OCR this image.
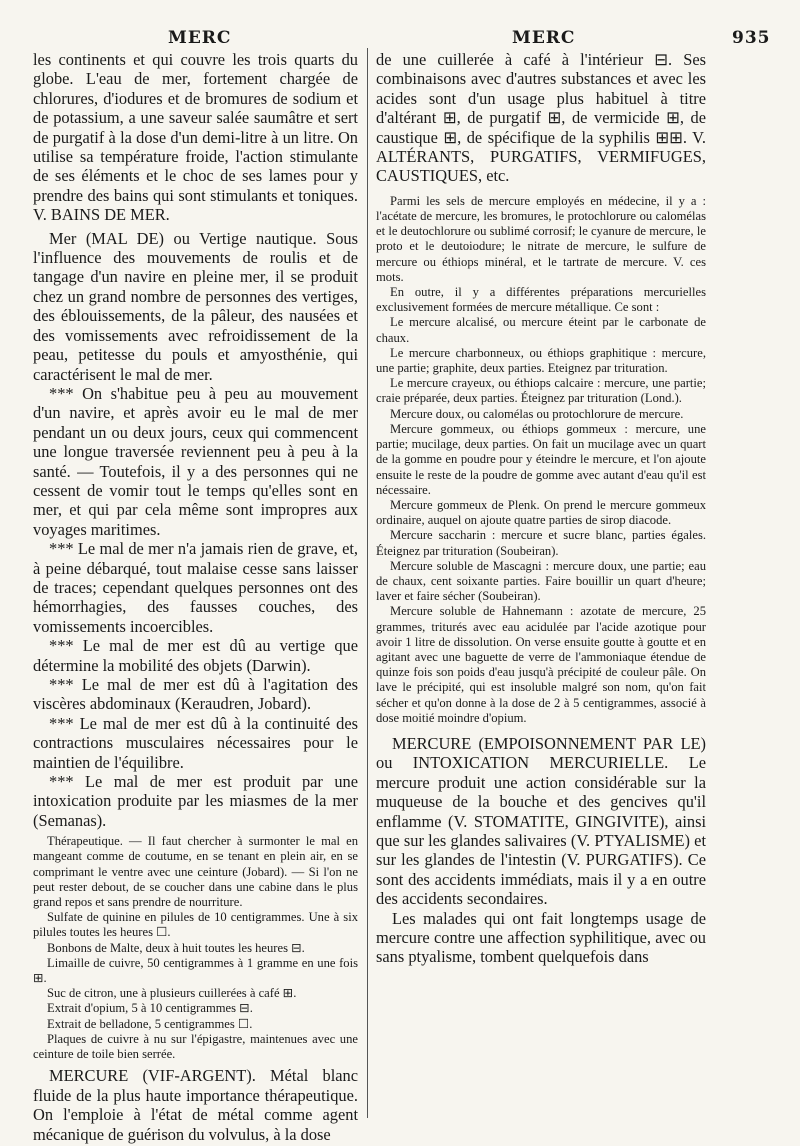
MERC	MERC	935

les continents et qui couvre les trois quarts du globe. L'eau de mer, fortement chargée de chlorures, d'iodures et de bromures de sodium et de potassium, a une saveur salée saumâtre et sert de purgatif à la dose d'un demi-litre à un litre. On utilise sa température froide, l'action stimulante de ses éléments et le choc de ses lames pour y prendre des bains qui sont stimulants et toniques. V. BAINS DE MER.

Mer (MAL DE) ou Vertige nautique. Sous l'influence des mouvements de roulis et de tangage d'un navire en pleine mer, il se produit chez un grand nombre de personnes des vertiges, des éblouissements, de la pâleur, des nausées et des vomissements avec refroidissement de la peau, petitesse du pouls et amyosthénie, qui caractérisent le mal de mer.

*** On s'habitue peu à peu au mouvement d'un navire, et après avoir eu le mal de mer pendant un ou deux jours, ceux qui commencent une longue traversée reviennent peu à peu à la santé. — Toutefois, il y a des personnes qui ne cessent de vomir tout le temps qu'elles sont en mer, et qui par cela même sont impropres aux voyages maritimes.

*** Le mal de mer n'a jamais rien de grave, et, à peine débarqué, tout malaise cesse sans laisser de traces; cependant quelques personnes ont des hémorrhagies, des fausses couches, des vomissements incoercibles.

*** Le mal de mer est dû au vertige que détermine la mobilité des objets (Darwin).

*** Le mal de mer est dû à l'agitation des viscères abdominaux (Keraudren, Jobard).

*** Le mal de mer est dû à la continuité des contractions musculaires nécessaires pour le maintien de l'équilibre.

*** Le mal de mer est produit par une intoxication produite par les miasmes de la mer (Semanas).

Thérapeutique. — Il faut chercher à surmonter le mal en mangeant comme de coutume, en se tenant en plein air, en se comprimant le ventre avec une ceinture (Jobard). — Si l'on ne peut rester debout, de se coucher dans une cabine dans le plus grand repos et sans prendre de nourriture.

Sulfate de quinine en pilules de 10 centigrammes. Une à six pilules toutes les heures ☐.

Bonbons de Malte, deux à huit toutes les heures ⊟.

Limaille de cuivre, 50 centigrammes à 1 gramme en une fois ⊞.

Suc de citron, une à plusieurs cuillerées à café ⊞.

Extrait d'opium, 5 à 10 centigrammes ⊟.

Extrait de belladone, 5 centigrammes ☐.

Plaques de cuivre à nu sur l'épigastre, maintenues avec une ceinture de toile bien serrée.

MERCURE (VIF-ARGENT). Métal blanc fluide de la plus haute importance thérapeutique. On l'emploie à l'état de métal comme agent mécanique de guérison du volvulus, à la dose

de une cuillerée à café à l'intérieur ⊟. Ses combinaisons avec d'autres substances et avec les acides sont d'un usage plus habituel à titre d'altérant ⊞, de purgatif ⊞, de vermicide ⊞, de caustique ⊞, de spécifique de la syphilis ⊞⊞. V. ALTÉRANTS, PURGATIFS, VERMIFUGES, CAUSTIQUES, etc.

Parmi les sels de mercure employés en médecine, il y a : l'acétate de mercure, les bromures, le protochlorure ou calomélas et le deutochlorure ou sublimé corrosif; le cyanure de mercure, le proto et le deutoiodure; le nitrate de mercure, le sulfure de mercure ou éthiops minéral, et le tartrate de mercure. V. ces mots.

En outre, il y a différentes préparations mercurielles exclusivement formées de mercure métallique. Ce sont :

Le mercure alcalisé, ou mercure éteint par le carbonate de chaux.

Le mercure charbonneux, ou éthiops graphitique : mercure, une partie; graphite, deux parties. Eteignez par trituration.

Le mercure crayeux, ou éthiops calcaire : mercure, une partie; craie préparée, deux parties. Éteignez par trituration (Lond.).

Mercure doux, ou calomélas ou protochlorure de mercure.

Mercure gommeux, ou éthiops gommeux : mercure, une partie; mucilage, deux parties. On fait un mucilage avec un quart de la gomme en poudre pour y éteindre le mercure, et l'on ajoute ensuite le reste de la poudre de gomme avec autant d'eau qu'il est nécessaire.

Mercure gommeux de Plenk. On prend le mercure gommeux ordinaire, auquel on ajoute quatre parties de sirop diacode.

Mercure saccharin : mercure et sucre blanc, parties égales. Éteignez par trituration (Soubeiran).

Mercure soluble de Mascagni : mercure doux, une partie; eau de chaux, cent soixante parties. Faire bouillir un quart d'heure; laver et faire sécher (Soubeiran).

Mercure soluble de Hahnemann : azotate de mercure, 25 grammes, triturés avec eau acidulée par l'acide azotique pour avoir 1 litre de dissolution. On verse ensuite goutte à goutte et en agitant avec une baguette de verre de l'ammoniaque étendue de quinze fois son poids d'eau jusqu'à précipité de couleur pâle. On lave le précipité, qui est insoluble malgré son nom, qu'on fait sécher et qu'on donne à la dose de 2 à 5 centigrammes, associé à dose moitié moindre d'opium.

MERCURE (EMPOISONNEMENT PAR LE) ou INTOXICATION MERCURIELLE. Le mercure produit une action considérable sur la muqueuse de la bouche et des gencives qu'il enflamme (V. STOMATITE, GINGIVITE), ainsi que sur les glandes salivaires (V. PTYALISME) et sur les glandes de l'intestin (V. PURGATIFS). Ce sont des accidents immédiats, mais il y a en outre des accidents secondaires.

Les malades qui ont fait longtemps usage de mercure contre une affection syphilitique, avec ou sans ptyalisme, tombent quelquefois dans
